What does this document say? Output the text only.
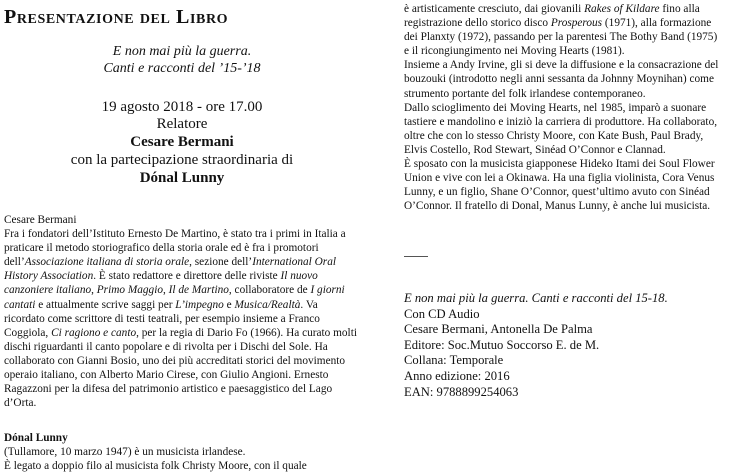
Presentazione del Libro
E non mai più la guerra.
Canti e racconti del ’15-’18
19 agosto 2018 - ore 17.00
Relatore
Cesare Bermani
con la partecipazione straordinaria di
Dónal Lunny

Cesare Bermani

Fra i fondatori dell’Istituto Ernesto De Martino, è stato tra i primi in Italia a praticare il metodo storiografico della storia orale ed è fra i promotori dell’Associazione italiana di storia orale, sezione dell’International Oral History Association. È stato redattore e direttore delle riviste Il nuovo canzoniere italiano, Primo Maggio, Il de Martino, collaboratore de I giorni cantati e attualmente scrive saggi per L’impegno e Musica/Realtà. Va ricordato come scrittore di testi teatrali, per esempio insieme a Franco Coggiola, Ci ragiono e canto, per la regia di Dario Fo (1966). Ha curato molti dischi riguardanti il canto popolare e di rivolta per i Dischi del Sole. Ha collaborato con Gianni Bosio, uno dei più accreditati storici del movimento operaio italiano, con Alberto Mario Cirese, con Giulio Angioni. Ernesto Ragazzoni per la difesa del patrimonio artistico e paesaggistico del Lago d’Orta.

Dónal Lunny

(Tullamore, 10 marzo 1947) è un musicista irlandese.

È legato a doppio filo al musicista folk Christy Moore, con il quale

è artisticamente cresciuto, dai giovanili Rakes of Kildare fino alla registrazione dello storico disco Prosperous (1971), alla formazione dei Planxty (1972), passando per la parentesi The Bothy Band (1975) e il ricongiungimento nei Moving Hearts (1981).

Insieme a Andy Irvine, gli si deve la diffusione e la consacrazione del bouzouki (introdotto negli anni sessanta da Johnny Moynihan) come strumento portante del folk irlandese contemporaneo.

Dallo scioglimento dei Moving Hearts, nel 1985, imparò a suonare tastiere e mandolino e iniziò la carriera di produttore. Ha collaborato, oltre che con lo stesso Christy Moore, con Kate Bush, Paul Brady, Elvis Costello, Rod Stewart, Sinéad O’Connor e Clannad.

È sposato con la musicista giapponese Hideko Itami dei Soul Flower Union e vive con lei a Okinawa. Ha una figlia violinista, Cora Venus Lunny, e un figlio, Shane O’Connor, quest’ultimo avuto con Sinéad O’Connor. Il fratello di Donal, Manus Lunny, è anche lui musicista.

E non mai più la guerra. Canti e racconti del 15-18.

Con CD Audio

Cesare Bermani, Antonella De Palma

Editore: Soc.Mutuo Soccorso E. de M.

Collana: Temporale

Anno edizione: 2016

EAN: 9788899254063
